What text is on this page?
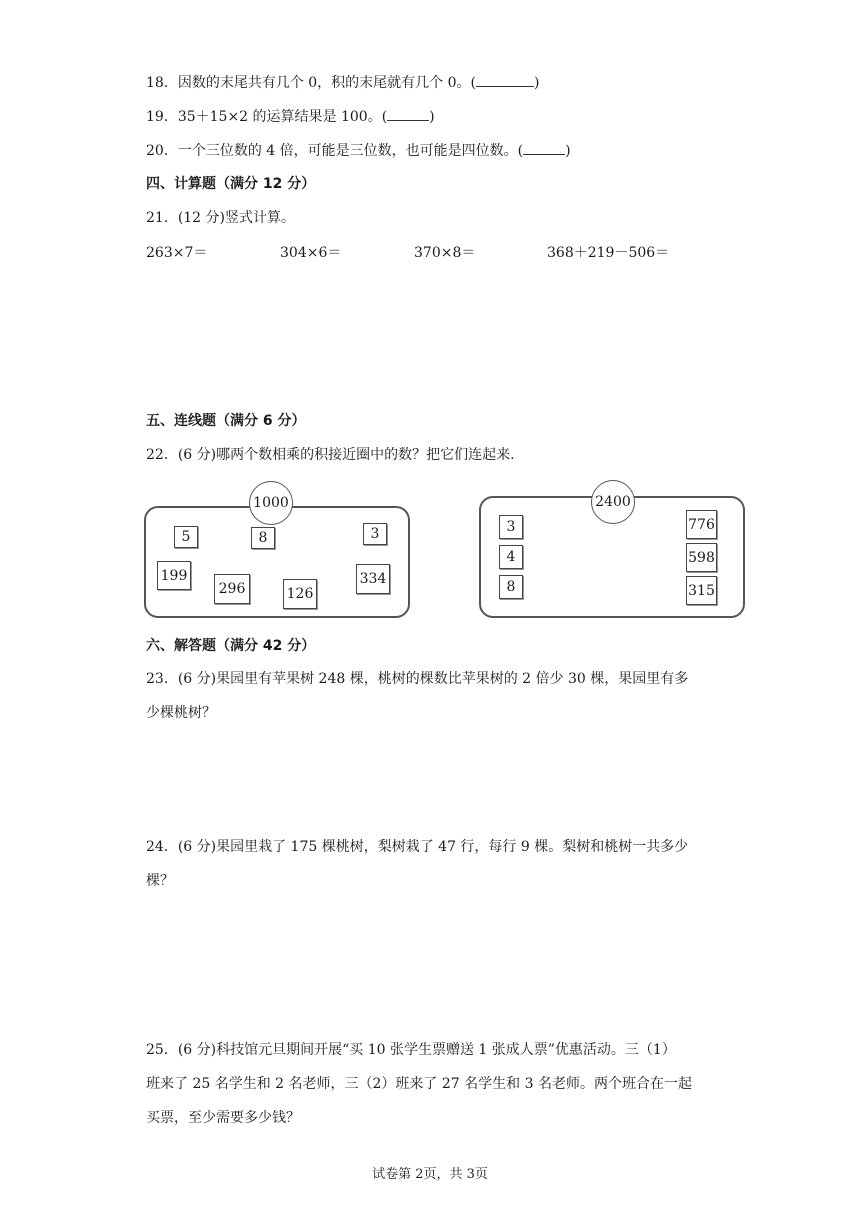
18．因数的末尾共有几个 0，积的末尾就有几个 0。(	)
19．35＋15×2 的运算结果是 100。(	)
20．一个三位数的 4 倍，可能是三位数，也可能是四位数。(	)
四、计算题（满分 12 分）
21．(12 分)竖式计算。
263×7＝	304×6＝	370×8＝	368＋219－506＝
五、连线题（满分 6 分）
22．(6 分)哪两个数相乘的积接近圈中的数？把它们连起来.
1000
5	8	3
199
296	126
334
2400
3
4
8
776
598
315
六、解答题（满分 42 分）
23．(6 分)果园里有苹果树 248 棵，桃树的棵数比苹果树的 2 倍少 30 棵，果园里有多
少棵桃树？
24．(6 分)果园里栽了 175 棵桃树，梨树栽了 47 行，每行 9 棵。梨树和桃树一共多少
棵？
25．(6 分)科技馆元旦期间开展“买 10 张学生票赠送 1 张成人票”优惠活动。三（1）
班来了 25 名学生和 2 名老师，三（2）班来了 27 名学生和 3 名老师。两个班合在一起
买票，至少需要多少钱？
试卷第 2页，共 3页
